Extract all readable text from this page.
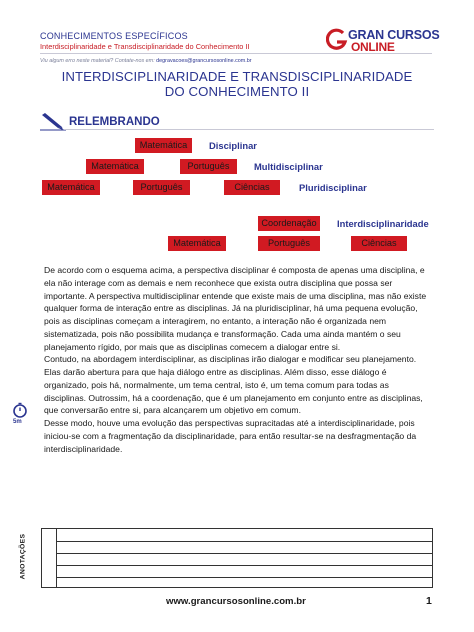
CONHECIMENTOS ESPECÍFICOS
Interdisciplinaridade e Transdisciplinaridade do Conhecimento II
Viu algum erro neste material? Contate-nos em: degravacoes@grancursosonline.com.br
GRAN CURSOS
ONLINE
INTERDISCIPLINARIDADE E TRANSDISCIPLINARIDADE
DO CONHECIMENTO II
RELEMBRANDO
Matemática	Disciplinar
Matemática	Português	Multidisciplinar
Matemática	Português	Ciências	Pluridisciplinar
Coordenação	Interdisciplinaridade
Matemática	Português	Ciências

De acordo com o esquema acima, a perspectiva disciplinar é composta de apenas uma disciplina, e ela não interage com as demais e nem reconhece que exista outra disciplina que possa ser importante. A perspectiva multidisciplinar entende que existe mais de uma disciplina, mas não existe qualquer forma de interação entre as disciplinas. Já na pluridisciplinar, há uma pequena evolução, pois as disciplinas começam a interagirem, no entanto, a interação não é organizada nem sistematizada, pois não possibilita mudança e transformação. Cada uma ainda mantém o seu planejamento rígido, por mais que as disciplinas comecem a dialogar entre si.

Contudo, na abordagem interdisciplinar, as disciplinas irão dialogar e modificar seu planejamento. Elas darão abertura para que haja diálogo entre as disciplinas. Além disso, esse diálogo é organizado, pois há, normalmente, um tema central, isto é, um tema comum para todas as disciplinas. Outrossim, há a coordenação, que é um planejamento em conjunto entre as disciplinas, que conversarão entre si, para alcançarem um objetivo em comum.

Desse modo, houve uma evolução das perspectivas supracitadas até a interdisciplinaridade, pois iniciou-se com a fragmentação da disciplinaridade, para então resultar-se na desfragmentação da interdisciplinaridade.

5m
ANOTAÇÕES
www.grancursosonline.com.br	1
